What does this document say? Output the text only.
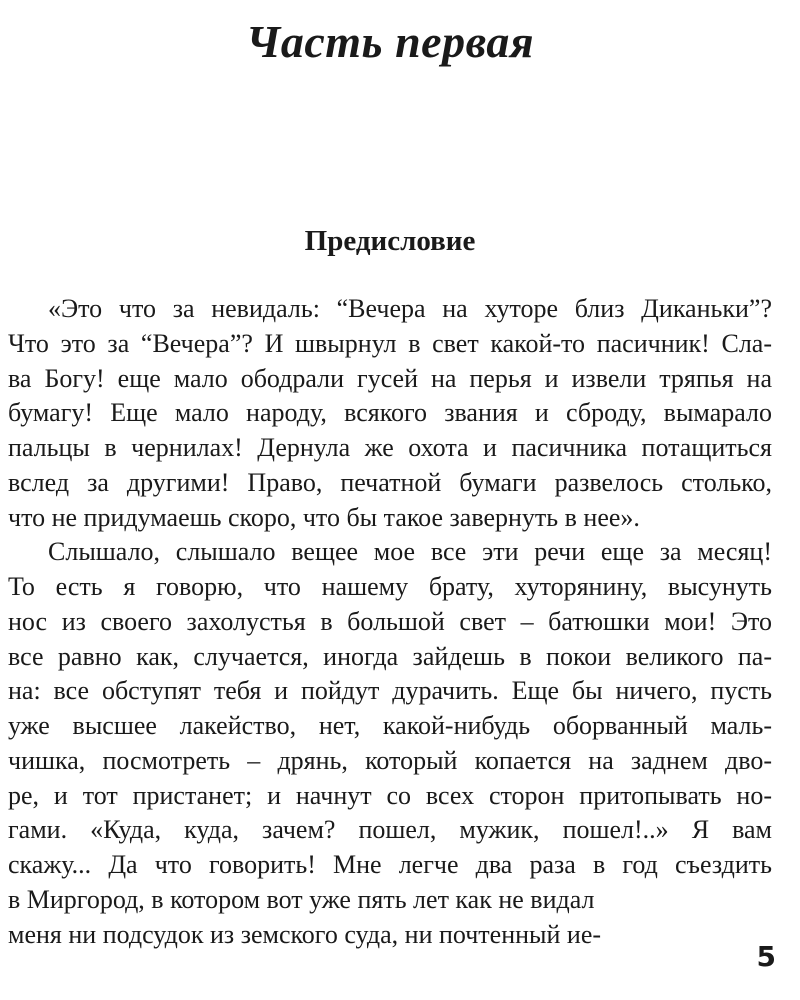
Часть первая
Предисловие
«Это что за невидаль: “Вечера на хуторе близ Диканьки”?
Что это за “Вечера”? И швырнул в свет какой-то пасичник! Сла-
ва Богу! еще мало ободрали гусей на перья и извели тряпья на
бумагу! Еще мало народу, всякого звания и сброду, вымарало
пальцы в чернилах! Дернула же охота и пасичника потащиться
вслед за другими! Право, печатной бумаги развелось столько,
что не придумаешь скоро, что бы такое завернуть в нее».
Слышало, слышало вещее мое все эти речи еще за месяц!
То есть я говорю, что нашему брату, хуторянину, высунуть
нос из своего захолустья в большой свет – батюшки мои! Это
все равно как, случается, иногда зайдешь в покои великого па-
на: все обступят тебя и пойдут дурачить. Еще бы ничего, пусть
уже высшее лакейство, нет, какой-нибудь оборванный маль-
чишка, посмотреть – дрянь, который копается на заднем дво-
ре, и тот пристанет; и начнут со всех сторон притопывать но-
гами. «Куда, куда, зачем? пошел, мужик, пошел!..» Я вам
скажу... Да что говорить! Мне легче два раза в год съездить
в Миргород, в котором вот уже пять лет как не видал
меня ни подсудок из земского суда, ни почтенный ие-
5
